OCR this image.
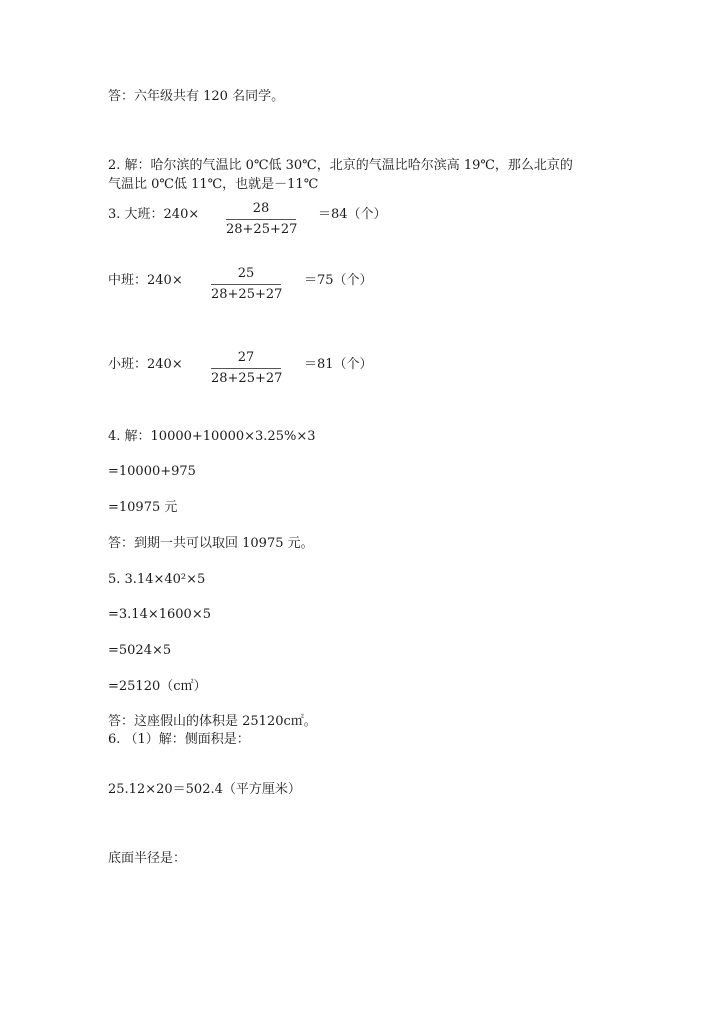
答：六年级共有 120 名同学。
2. 解：哈尔滨的气温比 0℃低 30℃，北京的气温比哈尔滨高 19℃，那么北京的
气温比 0℃低 11℃，也就是－11℃
3. 大班：240×	28
28+25+27
＝84（个）
中班：240×	25
28+25+27
＝75（个）
小班：240×	27
28+25+27
＝81（个）
4. 解：10000+10000×3.25%×3
=10000+975
=10975 元
答：到期一共可以取回 10975 元。
5. 3.14×40²×5
=3.14×1600×5
=5024×5
=25120（c㎡）
答：这座假山的体积是 25120c㎡。
6. （1）解：侧面积是：
25.12×20＝502.4（平方厘米）
底面半径是：
